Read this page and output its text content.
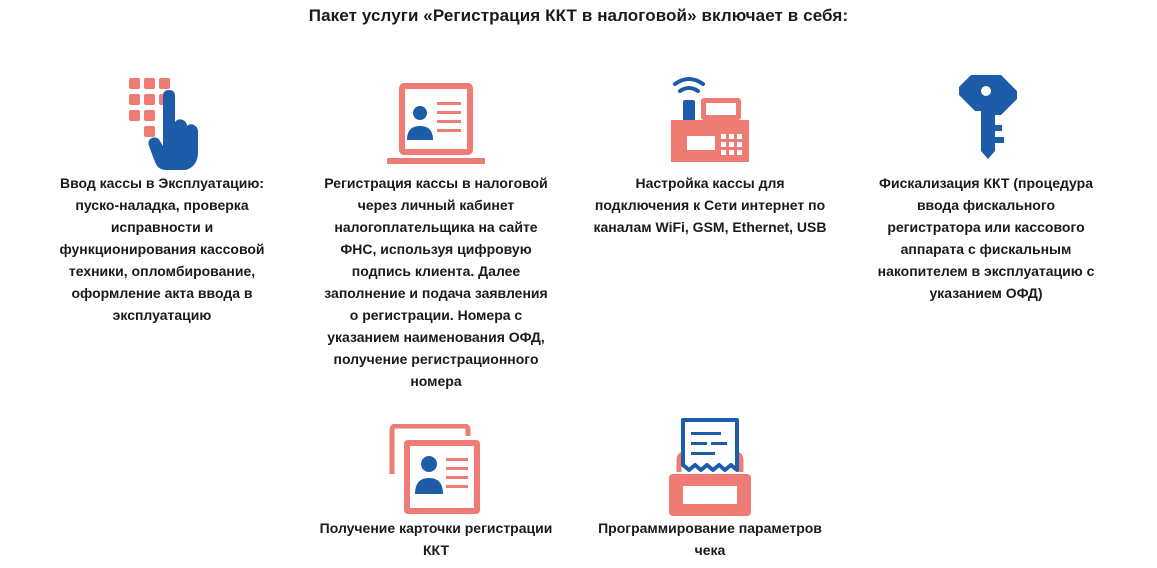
Пакет услуги «Регистрация ККТ в налоговой» включает в себя:
Ввод кассы в Эксплуатацию:
пуско-наладка, проверка
исправности и
функционирования кассовой
техники, опломбирование,
оформление акта ввода в
эксплуатацию
Регистрация кассы в налоговой
через личный кабинет
налогоплательщика на сайте
ФНС, используя цифровую
подпись клиента. Далее
заполнение и подача заявления
о регистрации. Номера с
указанием наименования ОФД,
получение регистрационного
номера
Настройка кассы для
подключения к Сети интернет по
каналам WiFi, GSM, Ethernet, USB
Фискализация ККТ (процедура
ввода фискального
регистратора или кассового
аппарата с фискальным
накопителем в эксплуатацию с
указанием ОФД)
Получение карточки регистрации
ККТ
Программирование параметров
чека
